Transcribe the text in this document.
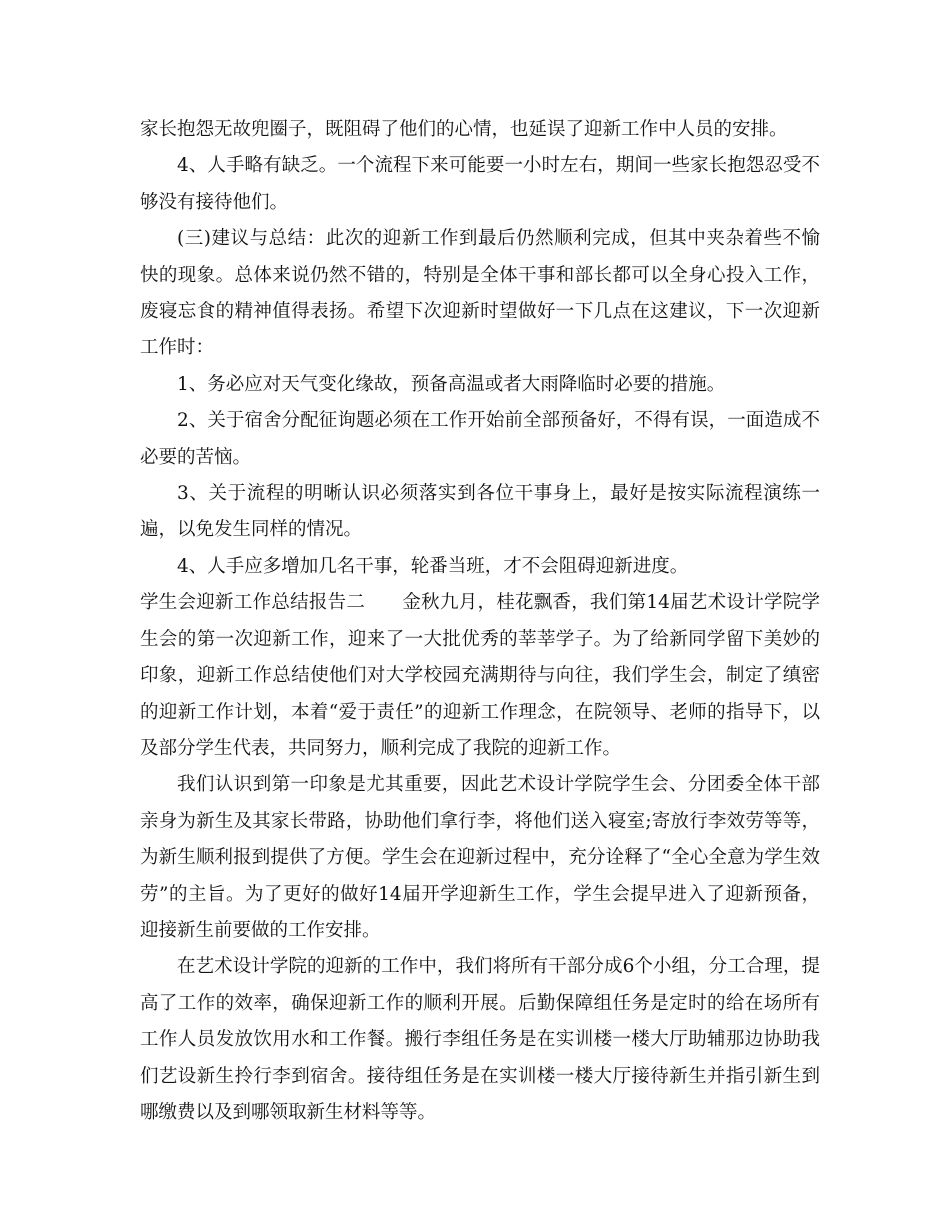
家长抱怨无故兜圈子，既阻碍了他们的心情，也延误了迎新工作中人员的安排。

4、人手略有缺乏。一个流程下来可能要一小时左右，期间一些家长抱怨忍受不够没有接待他们。

(三)建议与总结：此次的迎新工作到最后仍然顺利完成，但其中夹杂着些不愉快的现象。总体来说仍然不错的，特别是全体干事和部长都可以全身心投入工作，废寝忘食的精神值得表扬。希望下次迎新时望做好一下几点在这建议，下一次迎新工作时：

1、务必应对天气变化缘故，预备高温或者大雨降临时必要的措施。

2、关于宿舍分配征询题必须在工作开始前全部预备好，不得有误，一面造成不必要的苦恼。

3、关于流程的明晰认识必须落实到各位干事身上，最好是按实际流程演练一遍，以免发生同样的情况。

4、人手应多增加几名干事，轮番当班，才不会阻碍迎新进度。

学生会迎新工作总结报告二 金秋九月，桂花飘香，我们第14届艺术设计学院学生会的第一次迎新工作，迎来了一大批优秀的莘莘学子。为了给新同学留下美妙的印象，迎新工作总结使他们对大学校园充满期待与向往，我们学生会，制定了缜密的迎新工作计划，本着“爱于责任”的迎新工作理念，在院领导、老师的指导下，以及部分学生代表，共同努力，顺利完成了我院的迎新工作。

我们认识到第一印象是尤其重要，因此艺术设计学院学生会、分团委全体干部亲身为新生及其家长带路，协助他们拿行李，将他们送入寝室;寄放行李效劳等等，为新生顺利报到提供了方便。学生会在迎新过程中，充分诠释了“全心全意为学生效劳”的主旨。为了更好的做好14届开学迎新生工作，学生会提早进入了迎新预备，迎接新生前要做的工作安排。

在艺术设计学院的迎新的工作中，我们将所有干部分成6个小组，分工合理，提高了工作的效率，确保迎新工作的顺利开展。后勤保障组任务是定时的给在场所有工作人员发放饮用水和工作餐。搬行李组任务是在实训楼一楼大厅助辅那边协助我们艺设新生拎行李到宿舍。接待组任务是在实训楼一楼大厅接待新生并指引新生到哪缴费以及到哪领取新生材料等等。
